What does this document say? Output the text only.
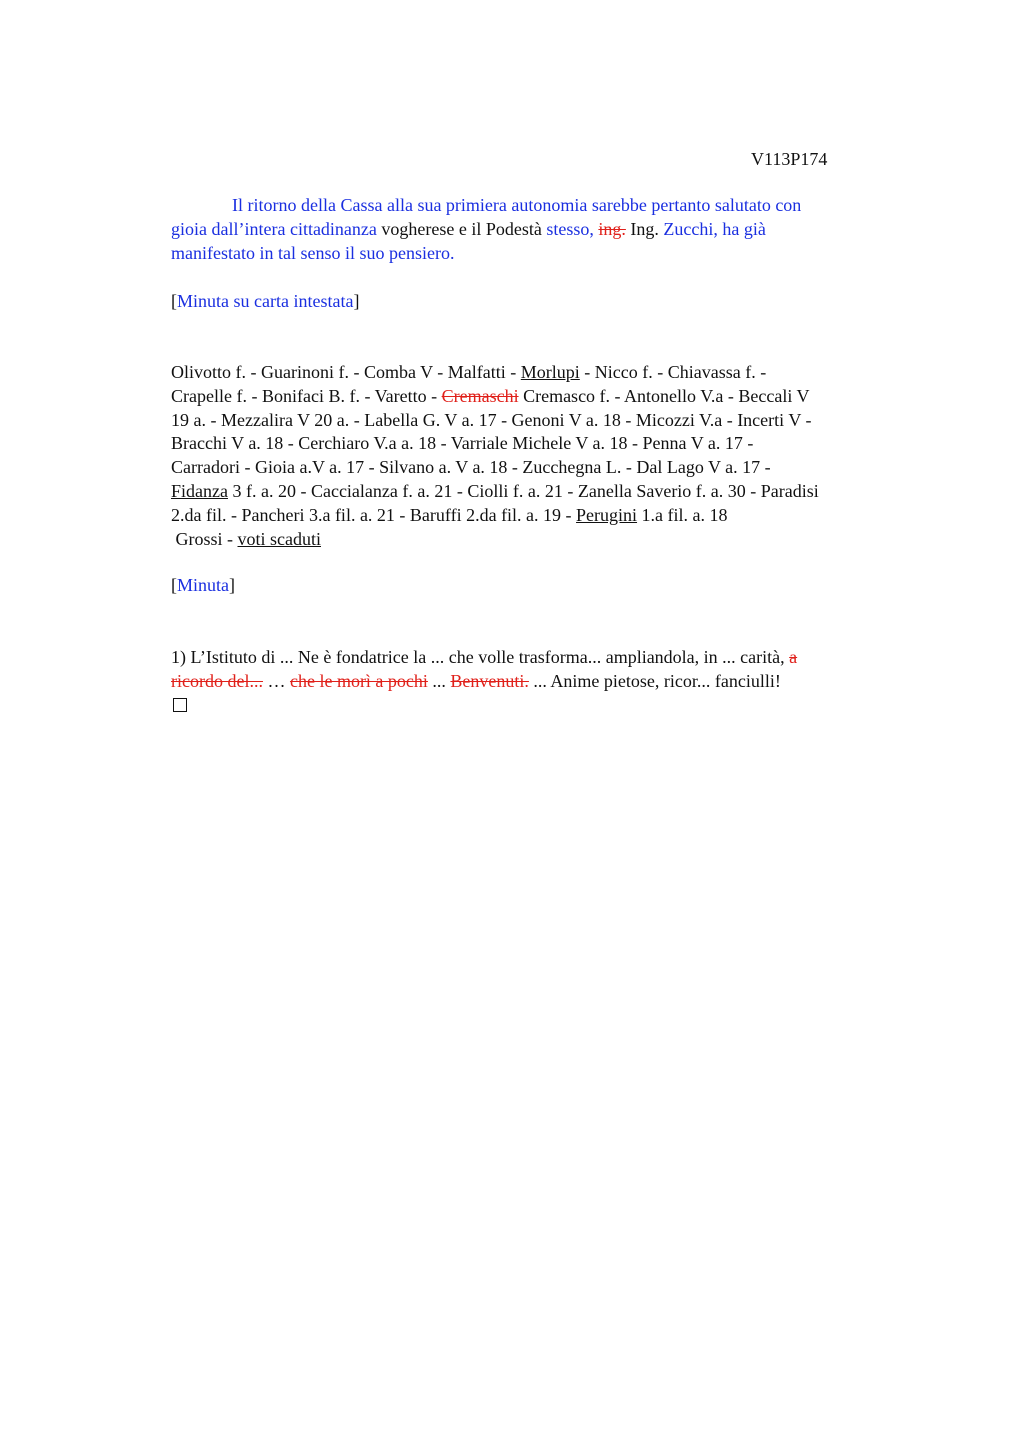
V113P174
Il ritorno della Cassa alla sua primiera autonomia sarebbe pertanto salutato con
gioia dall’intera cittadinanza vogherese e il Podestà stesso, ing. Ing. Zucchi, ha già
manifestato in tal senso il suo pensiero.
[Minuta su carta intestata]
Olivotto f. - Guarinoni f. - Comba V - Malfatti - Morlupi - Nicco f. - Chiavassa f. -
Crapelle f. - Bonifaci B. f. - Varetto - Cremaschi Cremasco f. - Antonello V.a - Beccali V
19 a. - Mezzalira V 20 a. - Labella G. V a. 17 - Genoni V a. 18 - Micozzi V.a - Incerti V -
Bracchi V a. 18 - Cerchiaro V.a a. 18 - Varriale Michele V a. 18 - Penna V a. 17 -
Carradori - Gioia a.V a. 17 - Silvano a. V a. 18 - Zucchegna L. - Dal Lago V a. 17 -
Fidanza 3 f. a. 20 - Caccialanza f. a. 21 - Ciolli f. a. 21 - Zanella Saverio f. a. 30 - Paradisi
2.da fil. - Pancheri 3.a fil. a. 21 - Baruffi 2.da fil. a. 19 - Perugini 1.a fil. a. 18
Grossi - voti scaduti
[Minuta]
1) L’Istituto di ... Ne è fondatrice la ... che volle trasforma... ampliandola, in ... carità, a
ricordo del... … che le morì a pochi ... Benvenuti. ... Anime pietose, ricor... fanciulli!
